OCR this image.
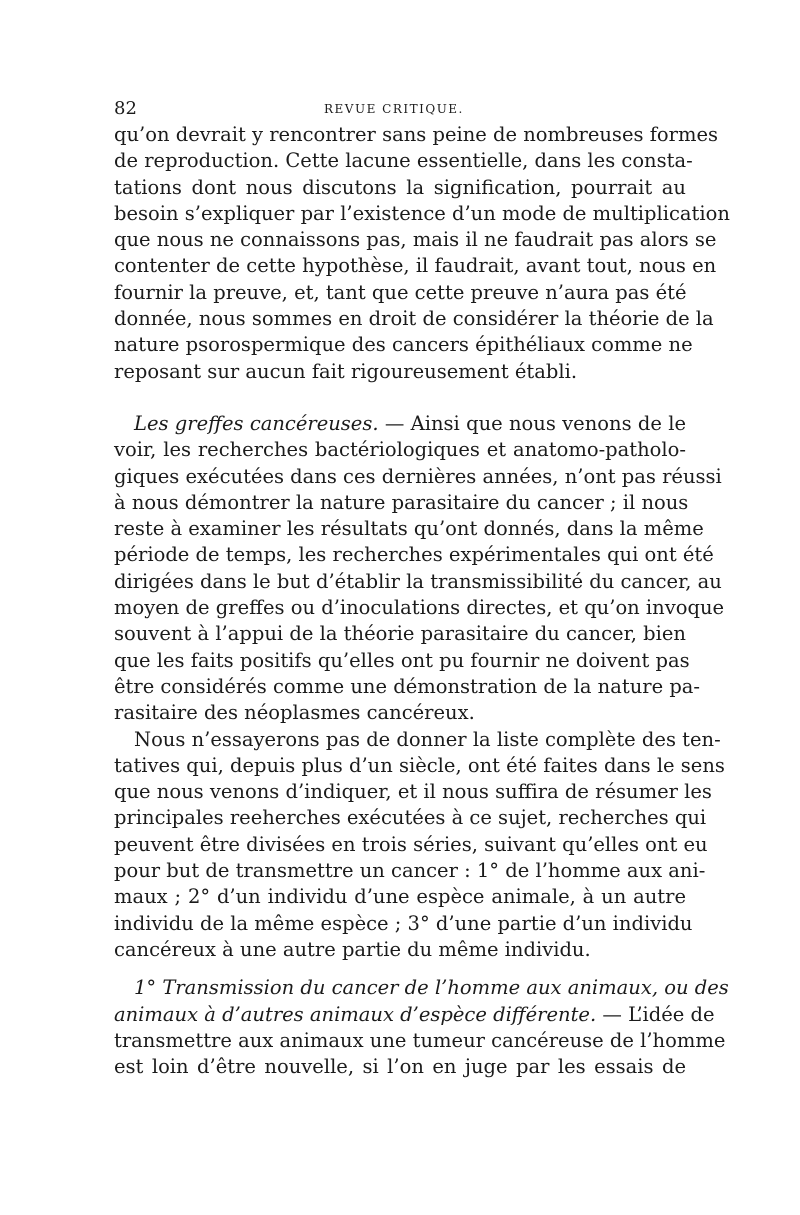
82	REVUE CRITIQUE.
qu’on devrait y rencontrer sans peine de nombreuses formes
de reproduction. Cette lacune essentielle, dans les consta-
tations dont nous discutons la signification, pourrait au
besoin s’expliquer par l’existence d’un mode de multiplication
que nous ne connaissons pas, mais il ne faudrait pas alors se
contenter de cette hypothèse, il faudrait, avant tout, nous en
fournir la preuve, et, tant que cette preuve n’aura pas été
donnée, nous sommes en droit de considérer la théorie de la
nature psorospermique des cancers épithéliaux comme ne
reposant sur aucun fait rigoureusement établi.
Les greffes cancéreuses. — Ainsi que nous venons de le
voir, les recherches bactériologiques et anatomo-patholo-
giques exécutées dans ces dernières années, n’ont pas réussi
à nous démontrer la nature parasitaire du cancer ; il nous
reste à examiner les résultats qu’ont donnés, dans la même
période de temps, les recherches expérimentales qui ont été
dirigées dans le but d’établir la transmissibilité du cancer, au
moyen de greffes ou d’inoculations directes, et qu’on invoque
souvent à l’appui de la théorie parasitaire du cancer, bien
que les faits positifs qu’elles ont pu fournir ne doivent pas
être considérés comme une démonstration de la nature pa-
rasitaire des néoplasmes cancéreux.
Nous n’essayerons pas de donner la liste complète des ten-
tatives qui, depuis plus d’un siècle, ont été faites dans le sens
que nous venons d’indiquer, et il nous suffira de résumer les
principales reeherches exécutées à ce sujet, recherches qui
peuvent être divisées en trois séries, suivant qu’elles ont eu
pour but de transmettre un cancer : 1° de l’homme aux ani-
maux ; 2° d’un individu d’une espèce animale, à un autre
individu de la même espèce ; 3° d’une partie d’un individu
cancéreux à une autre partie du même individu.
1° Transmission du cancer de l’homme aux animaux, ou des
animaux à d’autres animaux d’espèce différente. — L’idée de
transmettre aux animaux une tumeur cancéreuse de l’homme
est loin d’être nouvelle, si l’on en juge par les essais de
